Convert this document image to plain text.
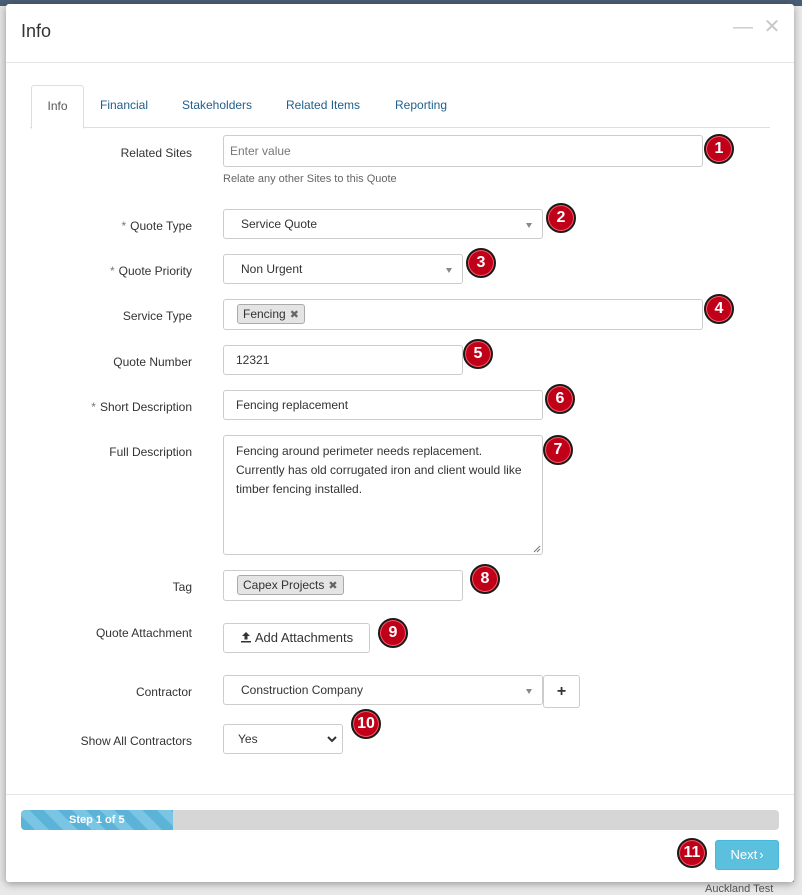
Auckland Test
Info	— ✕
Info	Financial	Stakeholders	Related Items	Reporting
Related Sites	Enter value
Relate any other Sites to this Quote
1
* Quote Type	Service Quote	2
* Quote Priority	Non Urgent	3
Service Type	Fencing ✖	4
Quote Number	12321	5
* Short Description	Fencing replacement	6
Full Description	Fencing around perimeter needs replacement. Currently has old corrugated iron and client would like timber fencing installed.
7
Tag	Capex Projects ✖	8
Quote Attachment	Add Attachments	9
Contractor	Construction Company	+
10
Show All Contractors	Yes
Step 1 of 5
11	Next ›
